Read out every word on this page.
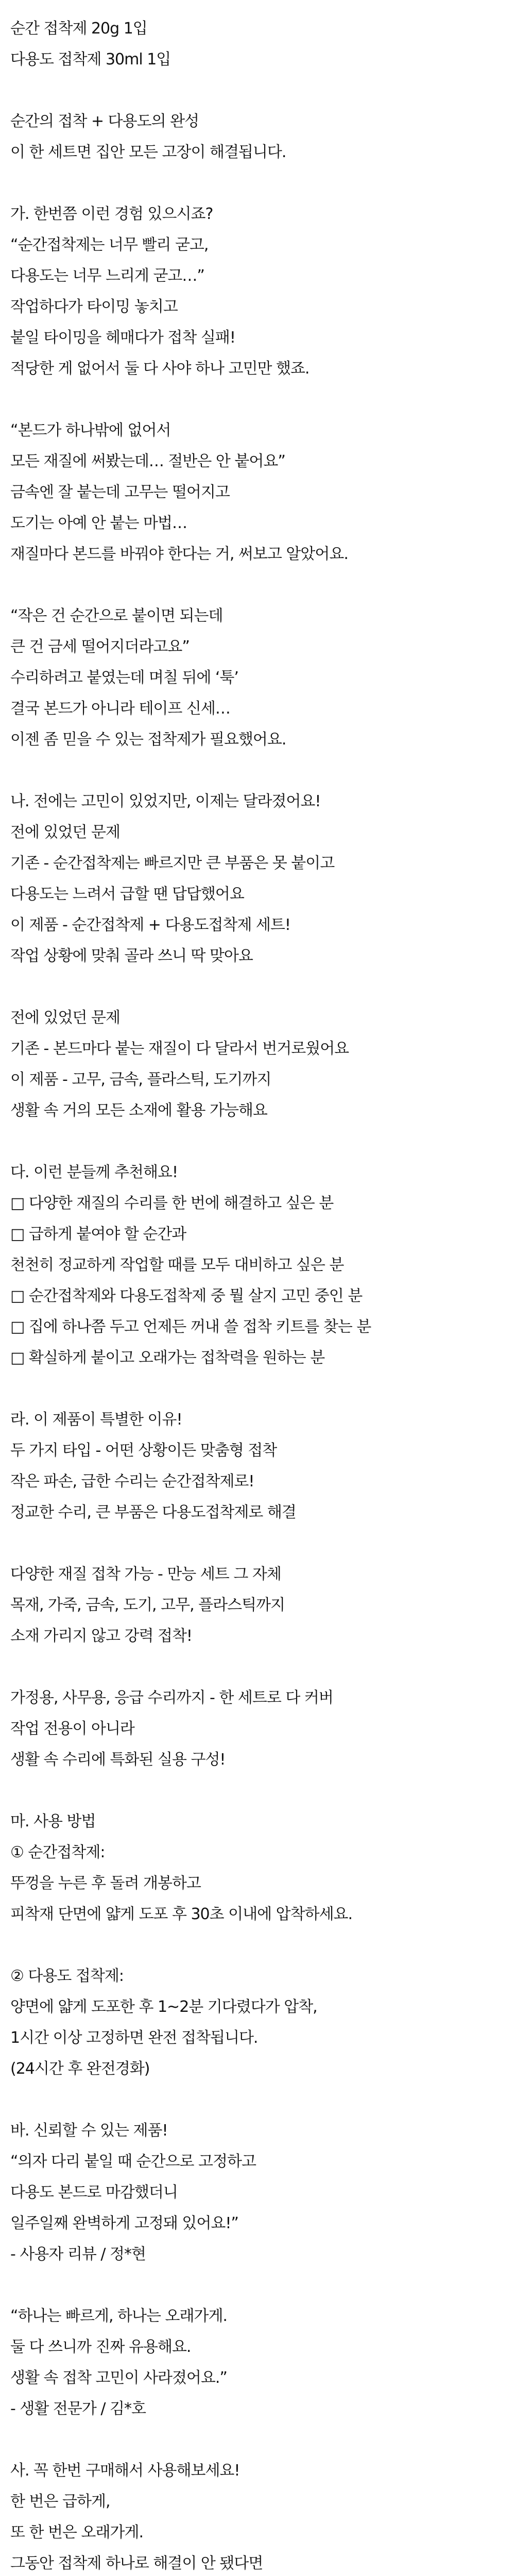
순간 접착제 20g 1입
다용도 접착제 30ml 1입
순간의 접착 + 다용도의 완성
이 한 세트면 집안 모든 고장이 해결됩니다.
가. 한번쯤 이런 경험 있으시죠?
“순간접착제는 너무 빨리 굳고,
다용도는 너무 느리게 굳고…”
작업하다가 타이밍 놓치고
붙일 타이밍을 헤매다가 접착 실패!
적당한 게 없어서 둘 다 사야 하나 고민만 했죠.
“본드가 하나밖에 없어서
모든 재질에 써봤는데… 절반은 안 붙어요”
금속엔 잘 붙는데 고무는 떨어지고
도기는 아예 안 붙는 마법…
재질마다 본드를 바꿔야 한다는 거, 써보고 알았어요.
“작은 건 순간으로 붙이면 되는데
큰 건 금세 떨어지더라고요”
수리하려고 붙였는데 며칠 뒤에 ‘툭’
결국 본드가 아니라 테이프 신세…
이젠 좀 믿을 수 있는 접착제가 필요했어요.
나. 전에는 고민이 있었지만, 이제는 달라졌어요!
전에 있었던 문제
기존 - 순간접착제는 빠르지만 큰 부품은 못 붙이고
다용도는 느려서 급할 땐 답답했어요
이 제품 - 순간접착제 + 다용도접착제 세트!
작업 상황에 맞춰 골라 쓰니 딱 맞아요
전에 있었던 문제
기존 - 본드마다 붙는 재질이 다 달라서 번거로웠어요
이 제품 - 고무, 금속, 플라스틱, 도기까지
생활 속 거의 모든 소재에 활용 가능해요
다. 이런 분들께 추천해요!
□ 다양한 재질의 수리를 한 번에 해결하고 싶은 분
□ 급하게 붙여야 할 순간과
천천히 정교하게 작업할 때를 모두 대비하고 싶은 분
□ 순간접착제와 다용도접착제 중 뭘 살지 고민 중인 분
□ 집에 하나쯤 두고 언제든 꺼내 쓸 접착 키트를 찾는 분
□ 확실하게 붙이고 오래가는 접착력을 원하는 분
라. 이 제품이 특별한 이유!
두 가지 타입 - 어떤 상황이든 맞춤형 접착
작은 파손, 급한 수리는 순간접착제로!
정교한 수리, 큰 부품은 다용도접착제로 해결
다양한 재질 접착 가능 - 만능 세트 그 자체
목재, 가죽, 금속, 도기, 고무, 플라스틱까지
소재 가리지 않고 강력 접착!
가정용, 사무용, 응급 수리까지 - 한 세트로 다 커버
작업 전용이 아니라
생활 속 수리에 특화된 실용 구성!
마. 사용 방법
① 순간접착제:
뚜껑을 누른 후 돌려 개봉하고
피착재 단면에 얇게 도포 후 30초 이내에 압착하세요.
② 다용도 접착제:
양면에 얇게 도포한 후 1~2분 기다렸다가 압착,
1시간 이상 고정하면 완전 접착됩니다.
(24시간 후 완전경화)
바. 신뢰할 수 있는 제품!
“의자 다리 붙일 때 순간으로 고정하고
다용도 본드로 마감했더니
일주일째 완벽하게 고정돼 있어요!”
- 사용자 리뷰 / 정*현
“하나는 빠르게, 하나는 오래가게.
둘 다 쓰니까 진짜 유용해요.
생활 속 접착 고민이 사라졌어요.”
- 생활 전문가 / 김*호
사. 꼭 한번 구매해서 사용해보세요!
한 번은 급하게,
또 한 번은 오래가게.
그동안 접착제 하나로 해결이 안 됐다면
